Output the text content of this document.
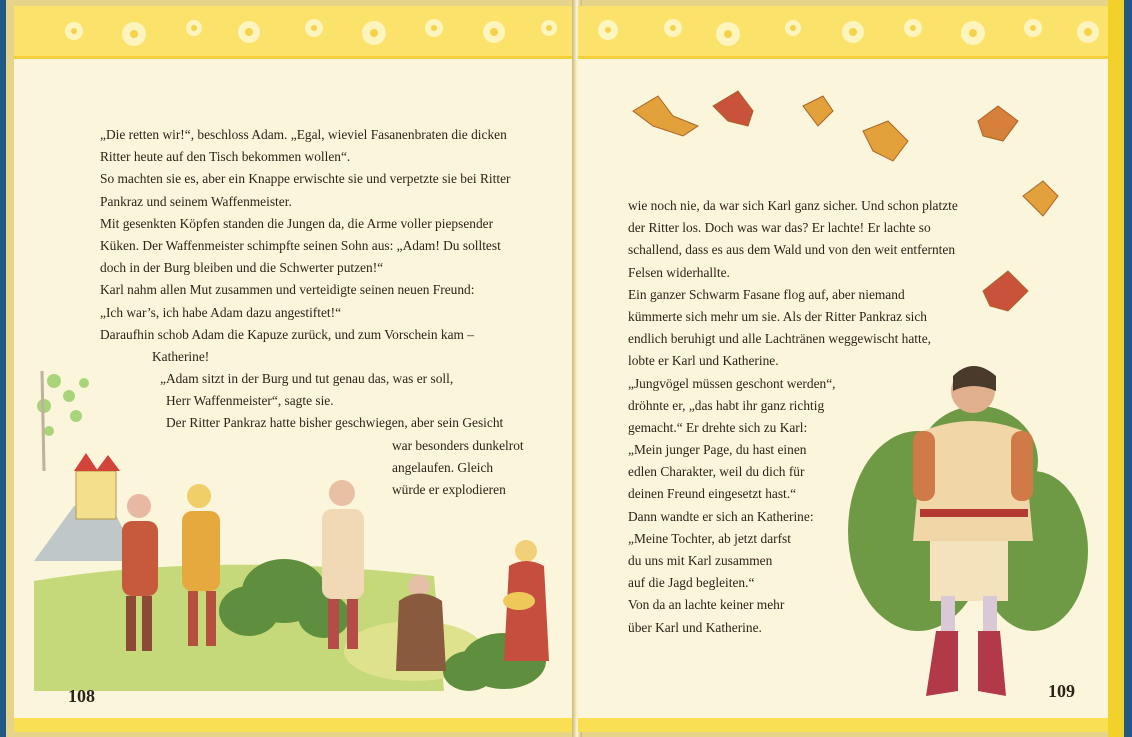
„Die retten wir!“, beschloss Adam. „Egal, wieviel Fasanenbraten die dicken
Ritter heute auf den Tisch bekommen wollen“.
So machten sie es, aber ein Knappe erwischte sie und verpetzte sie bei Ritter
Pankraz und seinem Waffenmeister.
Mit gesenkten Köpfen standen die Jungen da, die Arme voller piepsender
Küken. Der Waffenmeister schimpfte seinen Sohn aus: „Adam! Du solltest
doch in der Burg bleiben und die Schwerter putzen!“
Karl nahm allen Mut zusammen und verteidigte seinen neuen Freund:
„Ich war’s, ich habe Adam dazu angestiftet!“
Daraufhin schob Adam die Kapuze zurück, und zum Vorschein kam –
Katherine!
„Adam sitzt in der Burg und tut genau das, was er soll,
Herr Waffenmeister“, sagte sie.
Der Ritter Pankraz hatte bisher geschwiegen, aber sein Gesicht
war besonders dunkelrot
angelaufen. Gleich
würde er explodieren
108
wie noch nie, da war sich Karl ganz sicher. Und schon platzte
der Ritter los. Doch was war das? Er lachte! Er lachte so
schallend, dass es aus dem Wald und von den weit entfernten
Felsen widerhallte.
Ein ganzer Schwarm Fasane flog auf, aber niemand
kümmerte sich mehr um sie. Als der Ritter Pankraz sich
endlich beruhigt und alle Lachtränen weggewischt hatte,
lobte er Karl und Katherine.
„Jungvögel müssen geschont werden“,
dröhnte er, „das habt ihr ganz richtig
gemacht.“ Er drehte sich zu Karl:
„Mein junger Page, du hast einen
edlen Charakter, weil du dich für
deinen Freund eingesetzt hast.“
Dann wandte er sich an Katherine:
„Meine Tochter, ab jetzt darfst
du uns mit Karl zusammen
auf die Jagd begleiten.“
Von da an lachte keiner mehr
über Karl und Katherine.
109
